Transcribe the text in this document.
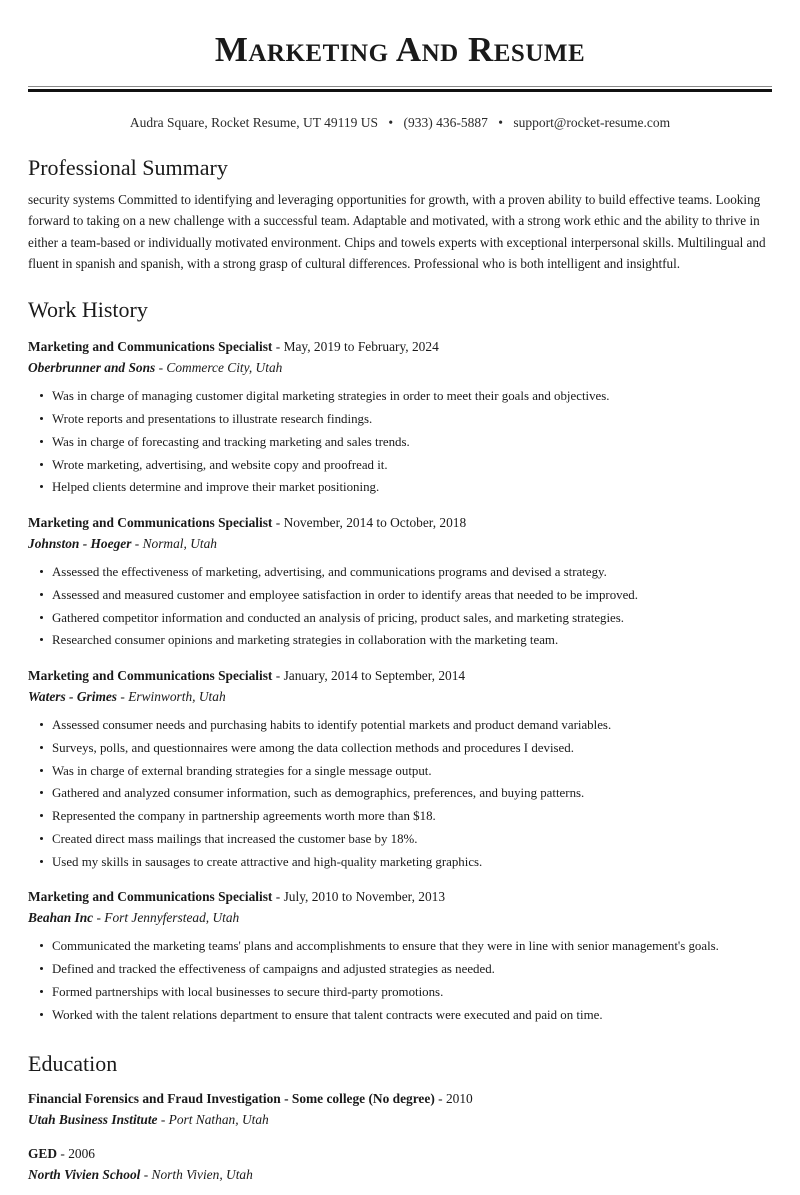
Marketing And Resume
Audra Square, Rocket Resume, UT 49119 US • (933) 436-5887 • support@rocket-resume.com
Professional Summary

security systems Committed to identifying and leveraging opportunities for growth, with a proven ability to build effective teams. Looking forward to taking on a new challenge with a successful team. Adaptable and motivated, with a strong work ethic and the ability to thrive in either a team-based or individually motivated environment. Chips and towels experts with exceptional interpersonal skills. Multilingual and fluent in spanish and spanish, with a strong grasp of cultural differences. Professional who is both intelligent and insightful.

Work History
Marketing and Communications Specialist - May, 2019 to February, 2024
Oberbrunner and Sons - Commerce City, Utah
Was in charge of managing customer digital marketing strategies in order to meet their goals and objectives.
Wrote reports and presentations to illustrate research findings.
Was in charge of forecasting and tracking marketing and sales trends.
Wrote marketing, advertising, and website copy and proofread it.
Helped clients determine and improve their market positioning.
Marketing and Communications Specialist - November, 2014 to October, 2018
Johnston - Hoeger - Normal, Utah
Assessed the effectiveness of marketing, advertising, and communications programs and devised a strategy.
Assessed and measured customer and employee satisfaction in order to identify areas that needed to be improved.
Gathered competitor information and conducted an analysis of pricing, product sales, and marketing strategies.
Researched consumer opinions and marketing strategies in collaboration with the marketing team.
Marketing and Communications Specialist - January, 2014 to September, 2014
Waters - Grimes - Erwinworth, Utah
Assessed consumer needs and purchasing habits to identify potential markets and product demand variables.
Surveys, polls, and questionnaires were among the data collection methods and procedures I devised.
Was in charge of external branding strategies for a single message output.
Gathered and analyzed consumer information, such as demographics, preferences, and buying patterns.
Represented the company in partnership agreements worth more than $18.
Created direct mass mailings that increased the customer base by 18%.
Used my skills in sausages to create attractive and high-quality marketing graphics.
Marketing and Communications Specialist - July, 2010 to November, 2013
Beahan Inc - Fort Jennyferstead, Utah
Communicated the marketing teams' plans and accomplishments to ensure that they were in line with senior management's goals.
Defined and tracked the effectiveness of campaigns and adjusted strategies as needed.
Formed partnerships with local businesses to secure third-party promotions.
Worked with the talent relations department to ensure that talent contracts were executed and paid on time.
Education
Financial Forensics and Fraud Investigation - Some college (No degree) - 2010
Utah Business Institute - Port Nathan, Utah
GED - 2006
North Vivien School - North Vivien, Utah
